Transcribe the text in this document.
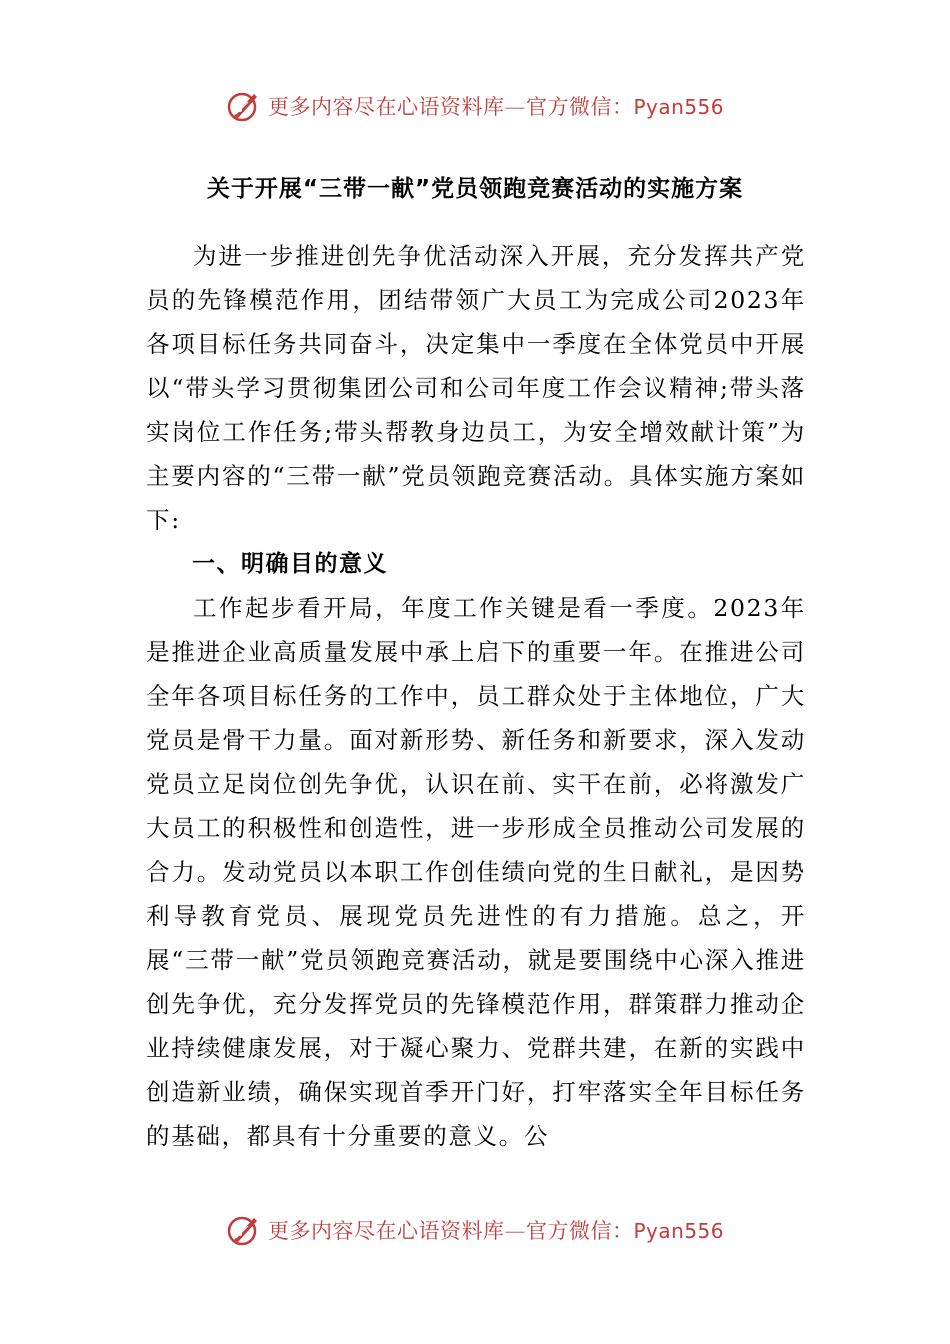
更多内容尽在心语资料库—官方微信：Pyan556
关于开展“三带一献”党员领跑竞赛活动的实施方案

为进一步推进创先争优活动深入开展，充分发挥共产党员的先锋模范作用，团结带领广大员工为完成公司2023年各项目标任务共同奋斗，决定集中一季度在全体党员中开展以“带头学习贯彻集团公司和公司年度工作会议精神;带头落实岗位工作任务;带头帮教身边员工，为安全增效献计策”为主要内容的“三带一献”党员领跑竞赛活动。具体实施方案如下:

一、明确目的意义

工作起步看开局，年度工作关键是看一季度。2023年是推进企业高质量发展中承上启下的重要一年。在推进公司全年各项目标任务的工作中，员工群众处于主体地位，广大党员是骨干力量。面对新形势、新任务和新要求，深入发动党员立足岗位创先争优，认识在前、实干在前，必将激发广大员工的积极性和创造性，进一步形成全员推动公司发展的合力。发动党员以本职工作创佳绩向党的生日献礼，是因势利导教育党员、展现党员先进性的有力措施。总之，开展“三带一献”党员领跑竞赛活动，就是要围绕中心深入推进创先争优，充分发挥党员的先锋模范作用，群策群力推动企业持续健康发展，对于凝心聚力、党群共建，在新的实践中创造新业绩，确保实现首季开门好，打牢落实全年目标任务的基础，都具有十分重要的意义。公

更多内容尽在心语资料库—官方微信：Pyan556
